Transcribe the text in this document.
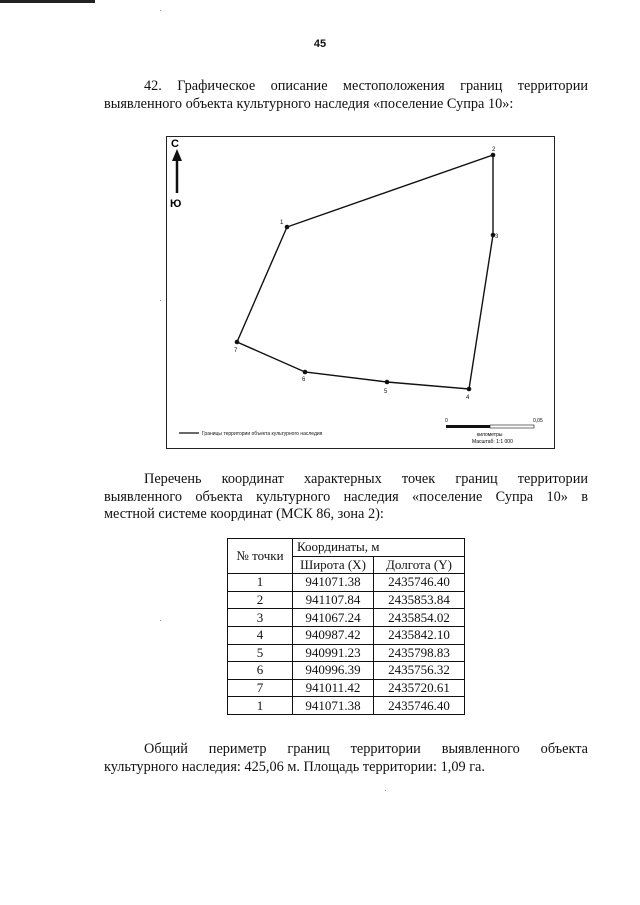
45
42. Графическое описание местоположения границ территории
выявленного объекта культурного наследия «поселение Супра 10»:
С
Ю
1
2
3
4
5
6
7
Границы территории объекта культурного наследия
0	0,05
километры
Масштаб: 1:1 000
Перечень координат характерных точек границ территории
выявленного объекта культурного наследия «поселение Супра 10» в
местной системе координат (МСК 86, зона 2):
№ точки	Координаты, м	
	Широта (X)	Долгота (Y)
1	941071.38	2435746.40
2	941107.84	2435853.84
3	941067.24	2435854.02
4	940987.42	2435842.10
5	940991.23	2435798.83
6	940996.39	2435756.32
7	941011.42	2435720.61
1	941071.38	2435746.40
Общий периметр границ территории выявленного объекта
культурного наследия: 425,06 м. Площадь территории: 1,09 га.
